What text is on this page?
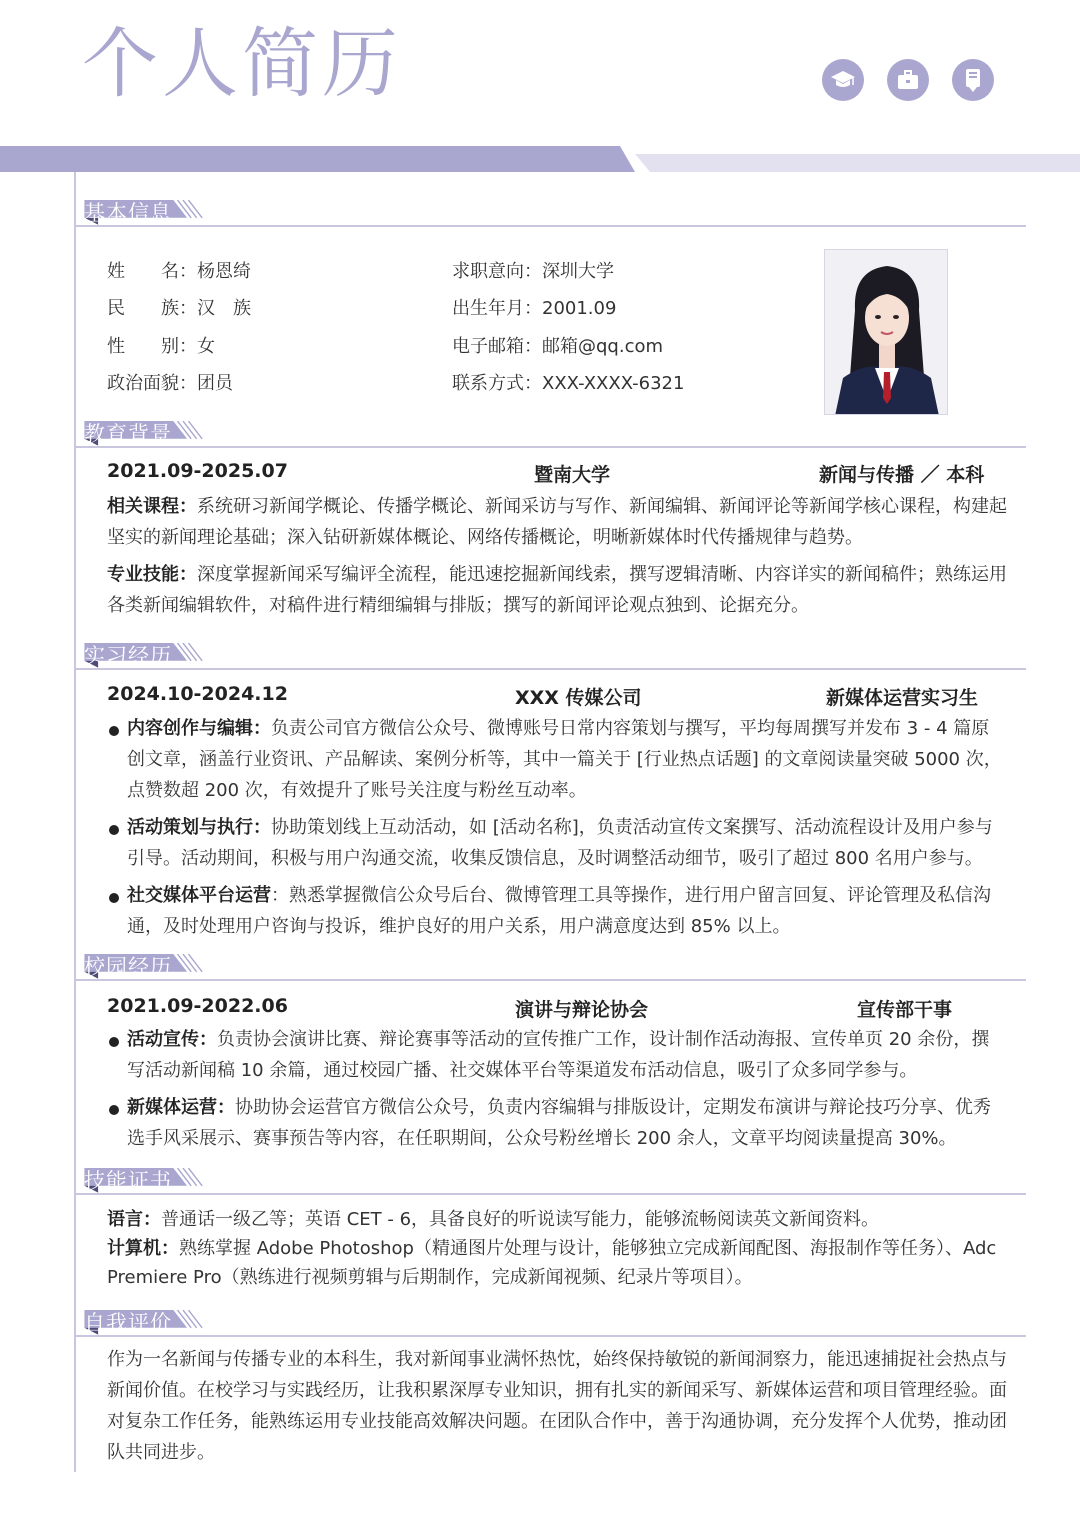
个人简历
基本信息
姓　　名：杨恩绮
民　　族：汉　族
性　　别：女
政治面貌：团员
求职意向：深圳大学
出生年月：2001.09
电子邮箱：邮箱@qq.com
联系方式：XXX-XXXX-6321
教育背景
2021.09-2025.07	暨南大学	新闻与传播 ／ 本科
相关课程：系统研习新闻学概论、传播学概论、新闻采访与写作、新闻编辑、新闻评论等新闻学核心课程，构建起坚实的新闻理论基础；深入钻研新媒体概论、网络传播概论，明晰新媒体时代传播规律与趋势。
专业技能：深度掌握新闻采写编评全流程，能迅速挖掘新闻线索，撰写逻辑清晰、内容详实的新闻稿件；熟练运用各类新闻编辑软件，对稿件进行精细编辑与排版；撰写的新闻评论观点独到、论据充分。
实习经历
2024.10-2024.12	XXX 传媒公司	新媒体运营实习生
内容创作与编辑：负责公司官方微信公众号、微博账号日常内容策划与撰写，平均每周撰写并发布 3 - 4 篇原创文章，涵盖行业资讯、产品解读、案例分析等，其中一篇关于 [行业热点话题] 的文章阅读量突破 5000 次，点赞数超 200 次，有效提升了账号关注度与粉丝互动率。
活动策划与执行：协助策划线上互动活动，如 [活动名称]，负责活动宣传文案撰写、活动流程设计及用户参与引导。活动期间，积极与用户沟通交流，收集反馈信息，及时调整活动细节，吸引了超过 800 名用户参与。
社交媒体平台运营：熟悉掌握微信公众号后台、微博管理工具等操作，进行用户留言回复、评论管理及私信沟通，及时处理用户咨询与投诉，维护良好的用户关系，用户满意度达到 85% 以上。
校园经历
2021.09-2022.06	演讲与辩论协会	宣传部干事
活动宣传：负责协会演讲比赛、辩论赛事等活动的宣传推广工作，设计制作活动海报、宣传单页 20 余份，撰写活动新闻稿 10 余篇，通过校园广播、社交媒体平台等渠道发布活动信息，吸引了众多同学参与。
新媒体运营：协助协会运营官方微信公众号，负责内容编辑与排版设计，定期发布演讲与辩论技巧分享、优秀选手风采展示、赛事预告等内容，在任职期间，公众号粉丝增长 200 余人，文章平均阅读量提高 30%。
技能证书
语言：普通话一级乙等；英语 CET - 6，具备良好的听说读写能力，能够流畅阅读英文新闻资料。
计算机：熟练掌握 Adobe Photoshop（精通图片处理与设计，能够独立完成新闻配图、海报制作等任务）、Adc
Premiere Pro（熟练进行视频剪辑与后期制作，完成新闻视频、纪录片等项目）。
自我评价
作为一名新闻与传播专业的本科生，我对新闻事业满怀热忱，始终保持敏锐的新闻洞察力，能迅速捕捉社会热点与新闻价值。在校学习与实践经历，让我积累深厚专业知识，拥有扎实的新闻采写、新媒体运营和项目管理经验。面对复杂工作任务，能熟练运用专业技能高效解决问题。在团队合作中，善于沟通协调，充分发挥个人优势，推动团队共同进步。
